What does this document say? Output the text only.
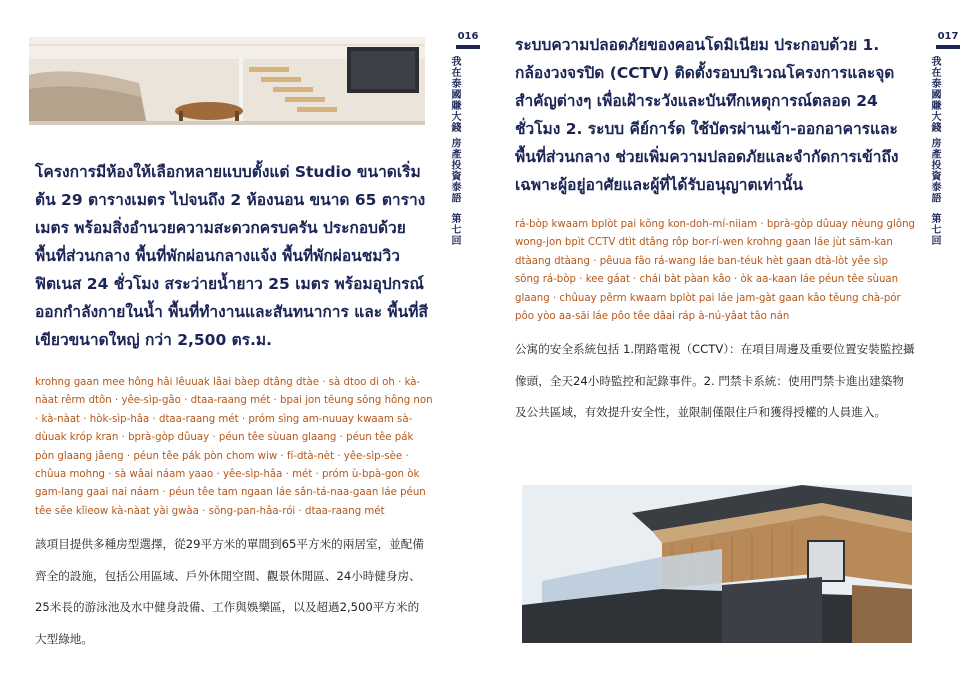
016
我在泰國賺大錢 房產投資泰語
第七回

โครงการมีห้องให้เลือกหลายแบบตั้งแต่ Studio ขนาดเริ่มต้น 29 ตารางเมตร ไปจนถึง 2 ห้องนอน ขนาด 65 ตารางเมตร พร้อมสิ่งอำนวยความสะดวกครบครัน ประกอบด้วย พื้นที่ส่วนกลาง พื้นที่พักผ่อนกลางแจ้ง พื้นที่พักผ่อนชมวิว ฟิตเนส 24 ชั่วโมง สระว่ายน้ำยาว 25 เมตร พร้อมอุปกรณ์ออกกำลังกายในน้ำ พื้นที่ทำงานและสันทนาการ และ พื้นที่สีเขียวขนาดใหญ่ กว่า 2,500 ตร.ม.

krohng gaan mee hông hâi lêuuak lǎai bàep dtâng dtàe · sà dtoo di oh · kà-nàat rêrm dtôn · yêe-sìp-gâo · dtaa-raang mét · bpai jon tĕung sŏng hông non · kà-nàat · hòk-sìp-hâa · dtaa-raang mét · próm sìng am-nuuay kwaam sà-dùuak króp kran · bprà-gòp dûuay · péun têe sùuan glaang · péun têe pák pòn glaang jâeng · péun têe pák pòn chom wiw · fí-dtà-nèt · yêe-sìp-sèe · chûua mohng · sà wâai náam yaao · yêe-sìp-hâa · mét · próm ù-bpà-gon òk gam-lang gaai nai náam · péun têe tam ngaan láe sǎn-tá-naa-gaan láe péun têe sěe kǐieow kà-nàat yài gwàa · sŏng-pan-hâa-rói · dtaa-raang mét

該項目提供多種房型選擇，從29平方米的單間到65平方米的兩居室，並配備齊全的設施，包括公用區域、戶外休閒空間、觀景休閒區、24小時健身房、25米長的游泳池及水中健身設備、工作與娛樂區，以及超過2,500平方米的大型綠地。

ระบบความปลอดภัยของคอนโดมิเนียม ประกอบด้วย 1. กล้องวงจรปิด (CCTV) ติดตั้งรอบบริเวณโครงการและจุดสำคัญต่างๆ เพื่อเฝ้าระวังและบันทึกเหตุการณ์ตลอด 24 ชั่วโมง 2. ระบบ คีย์การ์ด ใช้บัตรผ่านเข้า-ออกอาคารและพื้นที่ส่วนกลาง ช่วยเพิ่มความปลอดภัยและจำกัดการเข้าถึงเฉพาะผู้อยู่อาศัยและผู้ที่ได้รับอนุญาตเท่านั้น

017
我在泰國賺大錢 房產投資泰語
第七回

rá-bòp kwaam bplòt pai kŏng kon-doh-mí-niiam · bprà-gòp dûuay nèung glông wong-jon bpìt CCTV dtìt dtâng rôp bor-rí-wen krohng gaan láe jùt săm-kan dtàang dtàang · pêuua fâo rá-wang láe ban-téuk hèt gaan dtà-lòt yêe sìp sŏng rá-bòp · kee gáat · chái bàt pàan kâo · òk aa-kaan láe péun têe sùuan glaang · chûuay pêrm kwaam bplòt pai láe jam-gàt gaan kâo tĕung chà-pór pôo yòo aa-săi láe pôo têe dâai ráp à-nú-yâat tâo nán

公寓的安全系統包括 1.閉路電視（CCTV）：在項目周邊及重要位置安裝監控攝像頭，全天24小時監控和記錄事件。2. 門禁卡系統：使用門禁卡進出建築物及公共區域，有效提升安全性，並限制僅限住戶和獲得授權的人員進入。
